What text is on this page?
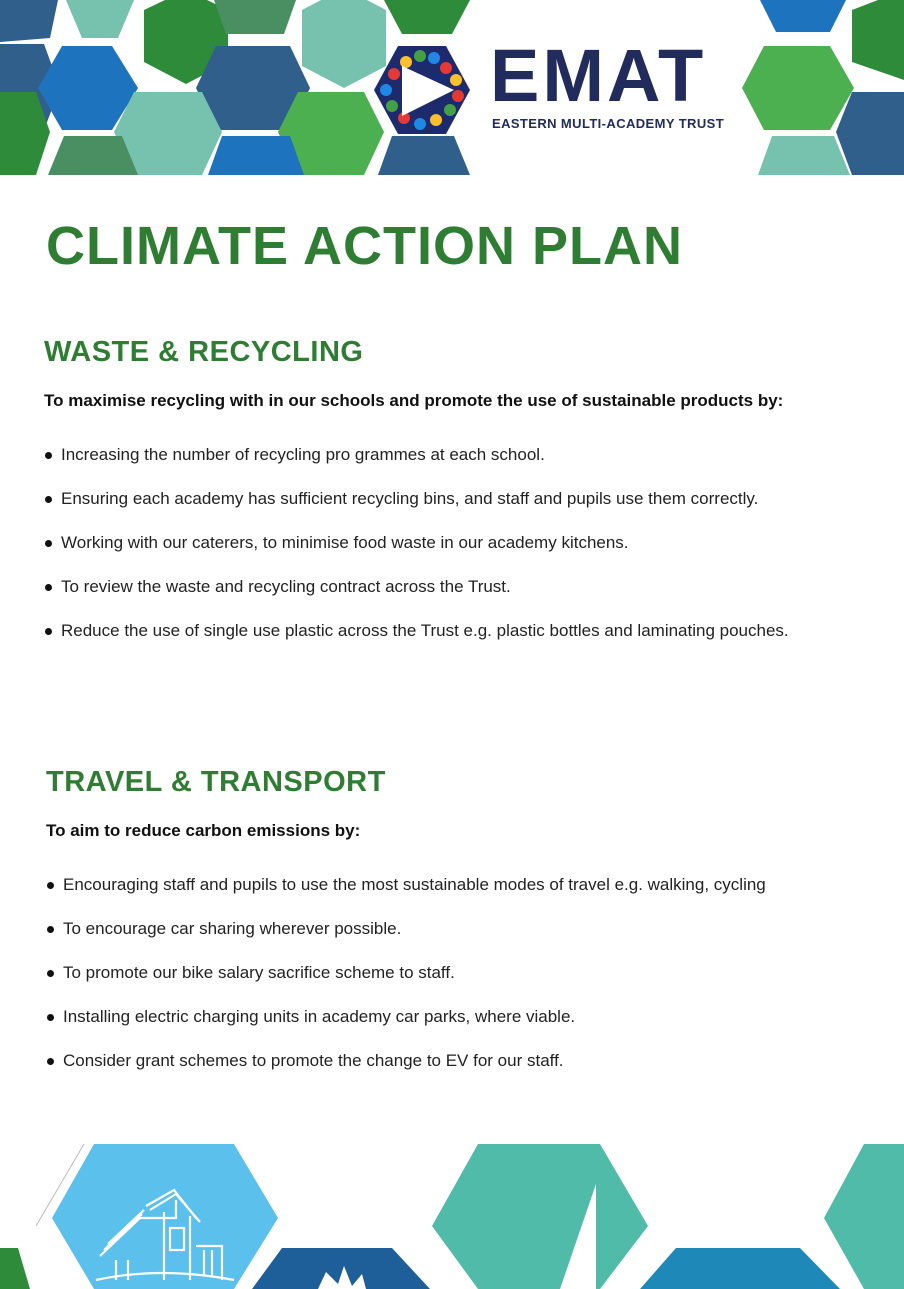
EMAT
EASTERN MULTI-ACADEMY TRUST
CLIMATE ACTION PLAN
WASTE & RECYCLING

To maximise recycling with in our schools and promote the use of sustainable products by:

Increasing the number of recycling pro grammes at each school.
Ensuring each academy has sufficient recycling bins, and staff and pupils use them correctly.
Working with our caterers, to minimise food waste in our academy kitchens.
To review the waste and recycling contract across the Trust.
Reduce the use of single use plastic across the Trust e.g. plastic bottles and laminating pouches.
TRAVEL & TRANSPORT

To aim to reduce carbon emissions by:

Encouraging staff and pupils to use the most sustainable modes of travel e.g. walking, cycling
To encourage car sharing wherever possible.
To promote our bike salary sacrifice scheme to staff.
Installing electric charging units in academy car parks, where viable.
Consider grant schemes to promote the change to EV for our staff.
